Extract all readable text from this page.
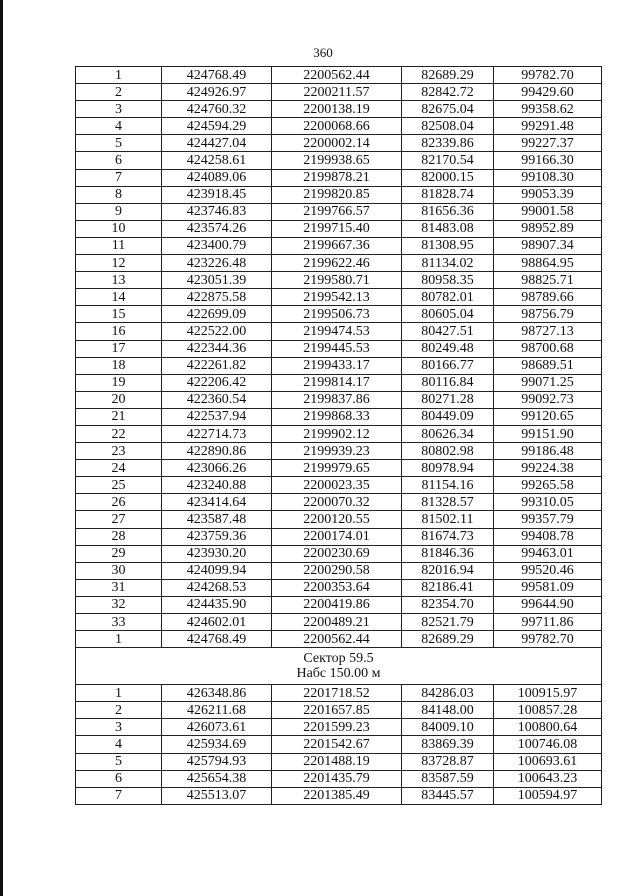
360
1	424768.49	2200562.44	82689.29	99782.70
2	424926.97	2200211.57	82842.72	99429.60
3	424760.32	2200138.19	82675.04	99358.62
4	424594.29	2200068.66	82508.04	99291.48
5	424427.04	2200002.14	82339.86	99227.37
6	424258.61	2199938.65	82170.54	99166.30
7	424089.06	2199878.21	82000.15	99108.30
8	423918.45	2199820.85	81828.74	99053.39
9	423746.83	2199766.57	81656.36	99001.58
10	423574.26	2199715.40	81483.08	98952.89
11	423400.79	2199667.36	81308.95	98907.34
12	423226.48	2199622.46	81134.02	98864.95
13	423051.39	2199580.71	80958.35	98825.71
14	422875.58	2199542.13	80782.01	98789.66
15	422699.09	2199506.73	80605.04	98756.79
16	422522.00	2199474.53	80427.51	98727.13
17	422344.36	2199445.53	80249.48	98700.68
18	422261.82	2199433.17	80166.77	98689.51
19	422206.42	2199814.17	80116.84	99071.25
20	422360.54	2199837.86	80271.28	99092.73
21	422537.94	2199868.33	80449.09	99120.65
22	422714.73	2199902.12	80626.34	99151.90
23	422890.86	2199939.23	80802.98	99186.48
24	423066.26	2199979.65	80978.94	99224.38
25	423240.88	2200023.35	81154.16	99265.58
26	423414.64	2200070.32	81328.57	99310.05
27	423587.48	2200120.55	81502.11	99357.79
28	423759.36	2200174.01	81674.73	99408.78
29	423930.20	2200230.69	81846.36	99463.01
30	424099.94	2200290.58	82016.94	99520.46
31	424268.53	2200353.64	82186.41	99581.09
32	424435.90	2200419.86	82354.70	99644.90
33	424602.01	2200489.21	82521.79	99711.86
1	424768.49	2200562.44	82689.29	99782.70

Сектор 59.5
Набс 150.00 м				

1	426348.86	2201718.52	84286.03	100915.97
2	426211.68	2201657.85	84148.00	100857.28
3	426073.61	2201599.23	84009.10	100800.64
4	425934.69	2201542.67	83869.39	100746.08
5	425794.93	2201488.19	83728.87	100693.61
6	425654.38	2201435.79	83587.59	100643.23
7	425513.07	2201385.49	83445.57	100594.97
